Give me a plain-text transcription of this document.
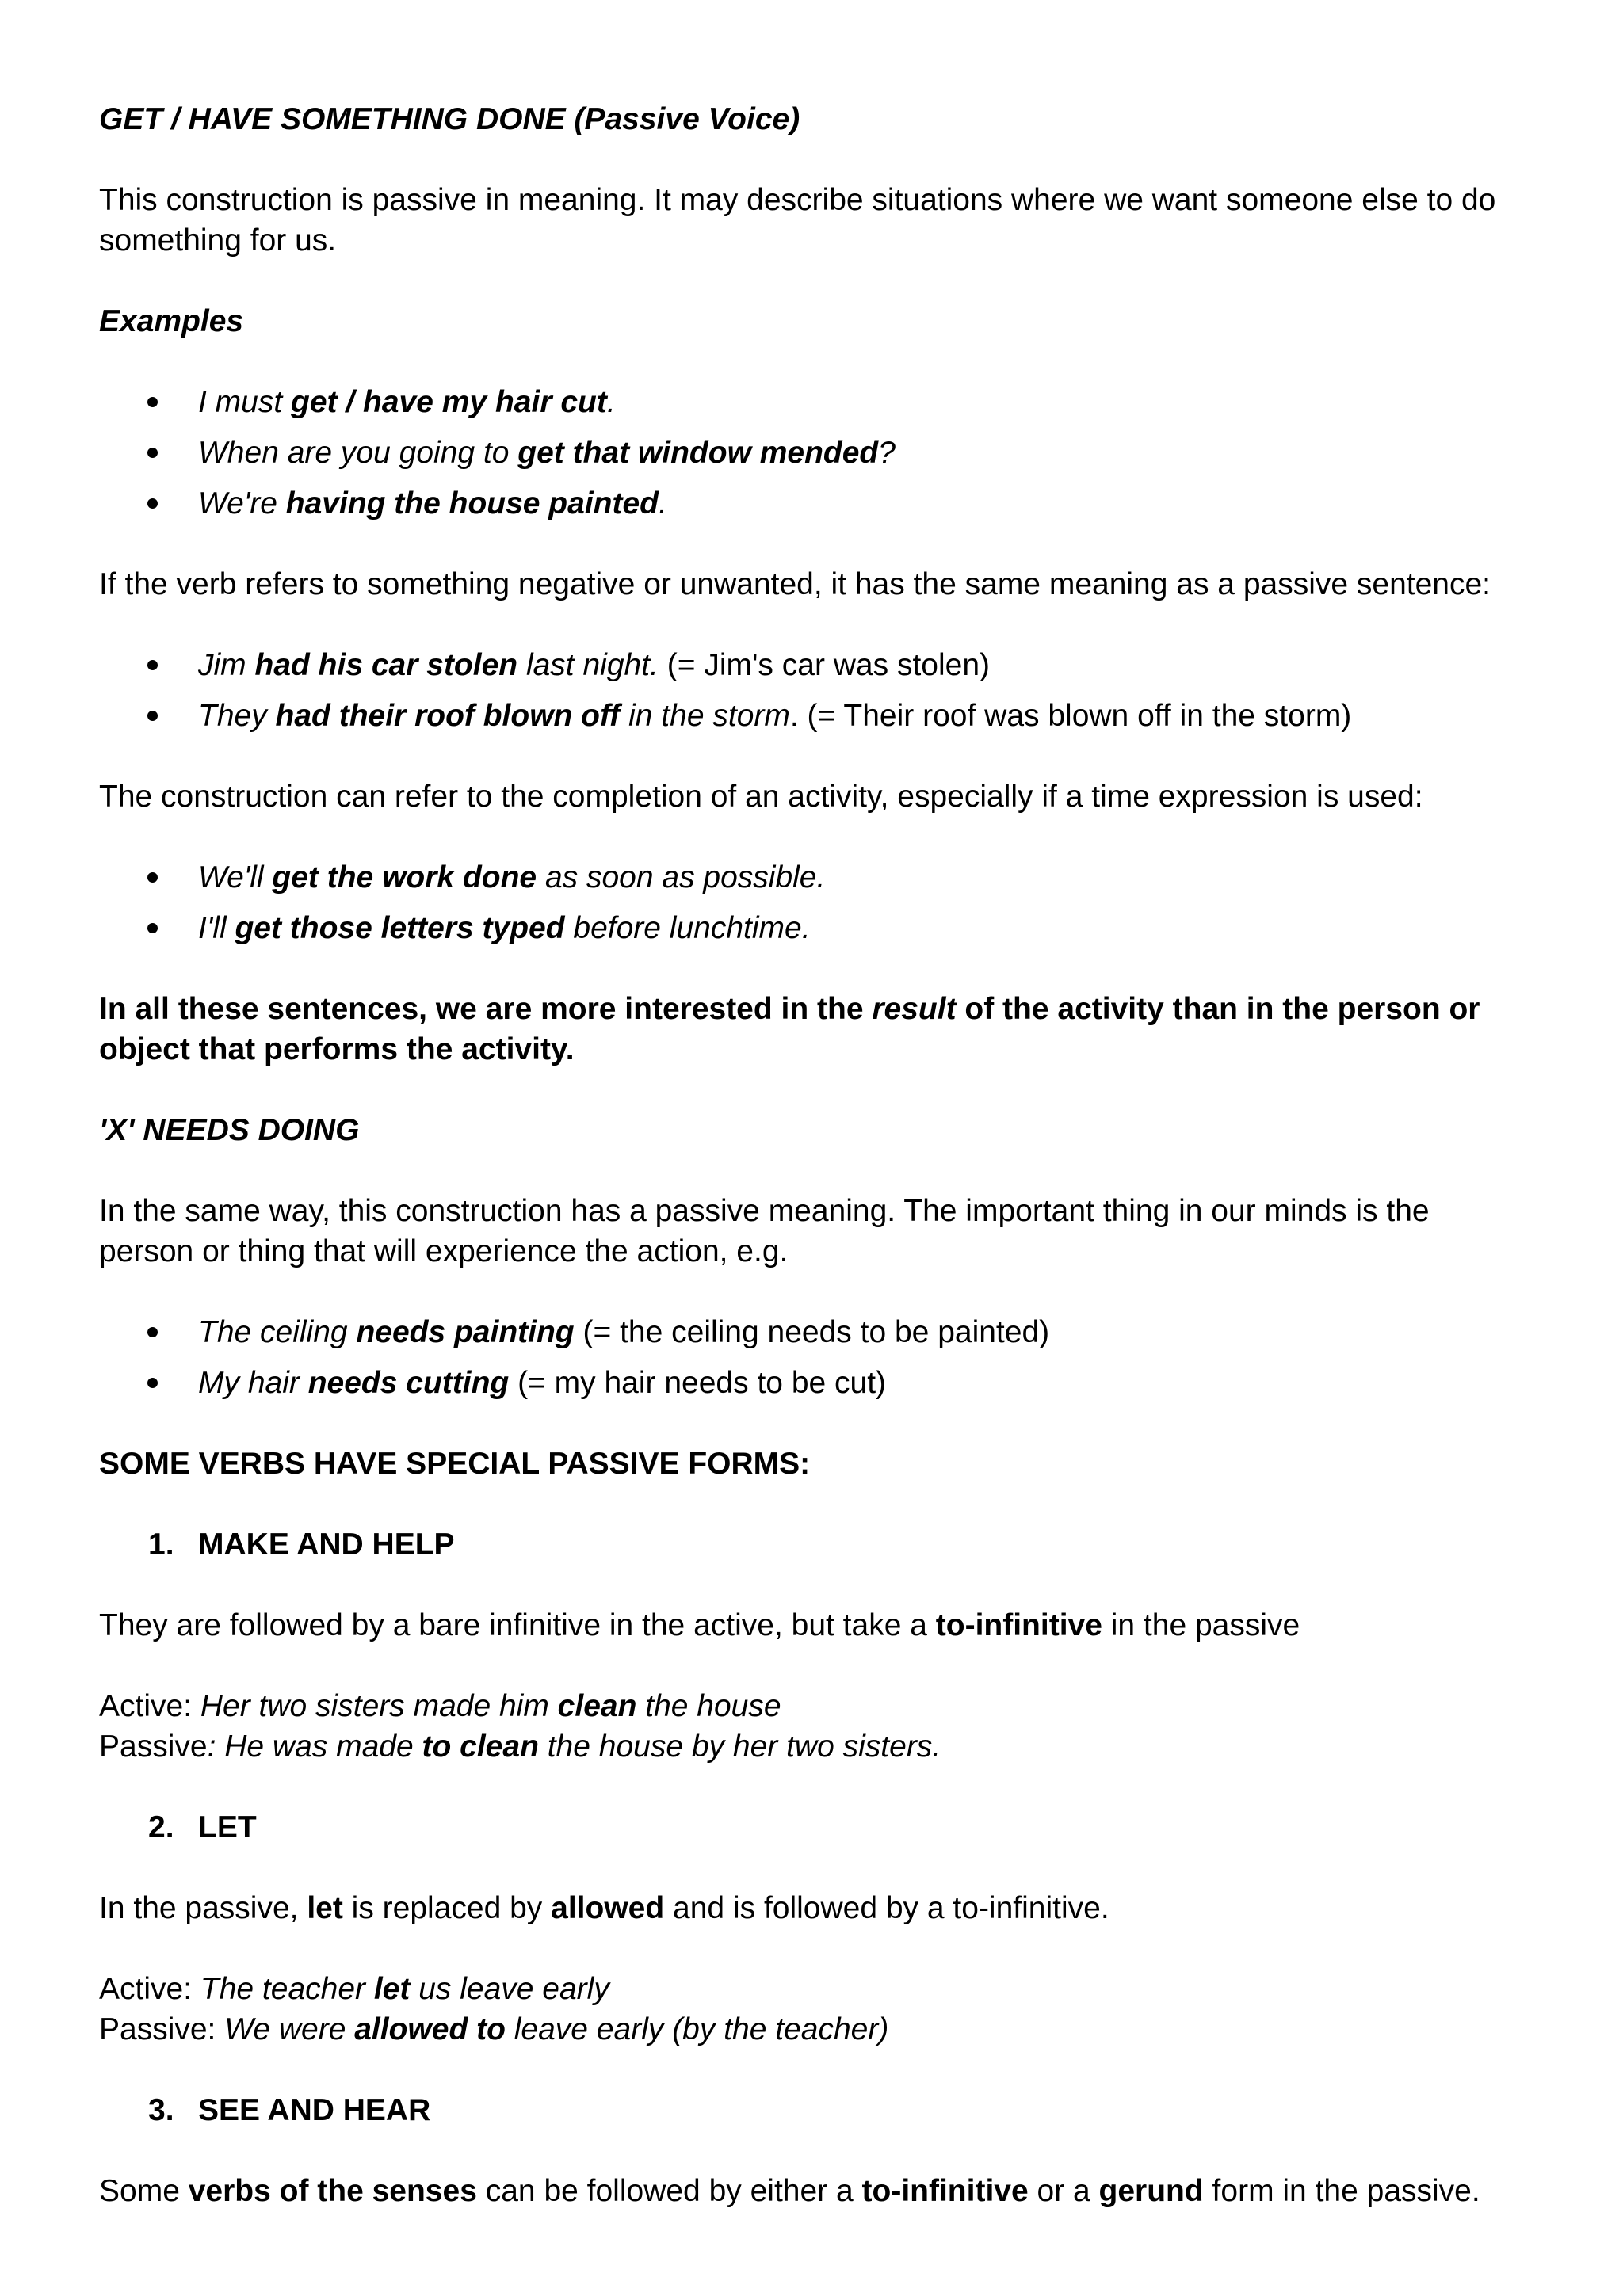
GET / HAVE SOMETHING DONE (Passive Voice)

This construction is passive in meaning. It may describe situations where we want someone else to do something for us.

Examples

I must get / have my hair cut.
When are you going to get that window mended?
We're having the house painted.

If the verb refers to something negative or unwanted, it has the same meaning as a passive sentence:

Jim had his car stolen last night. (= Jim's car was stolen)
They had their roof blown off in the storm. (= Their roof was blown off in the storm)

The construction can refer to the completion of an activity, especially if a time expression is used:

We'll get the work done as soon as possible.
I'll get those letters typed before lunchtime.

In all these sentences, we are more interested in the result of the activity than in the person or object that performs the activity.

'X' NEEDS DOING

In the same way, this construction has a passive meaning. The important thing in our minds is the person or thing that will experience the action, e.g.

The ceiling needs painting (= the ceiling needs to be painted)
My hair needs cutting (= my hair needs to be cut)

SOME VERBS HAVE SPECIAL PASSIVE FORMS:

1. MAKE AND HELP

They are followed by a bare infinitive in the active, but take a to-infinitive in the passive

Active: Her two sisters made him clean the house

Passive: He was made to clean the house by her two sisters.

2. LET

In the passive, let is replaced by allowed and is followed by a to-infinitive.

Active: The teacher let us leave early

Passive: We were allowed to leave early (by the teacher)

3. SEE AND HEAR

Some verbs of the senses can be followed by either a to-infinitive or a gerund form in the passive.
